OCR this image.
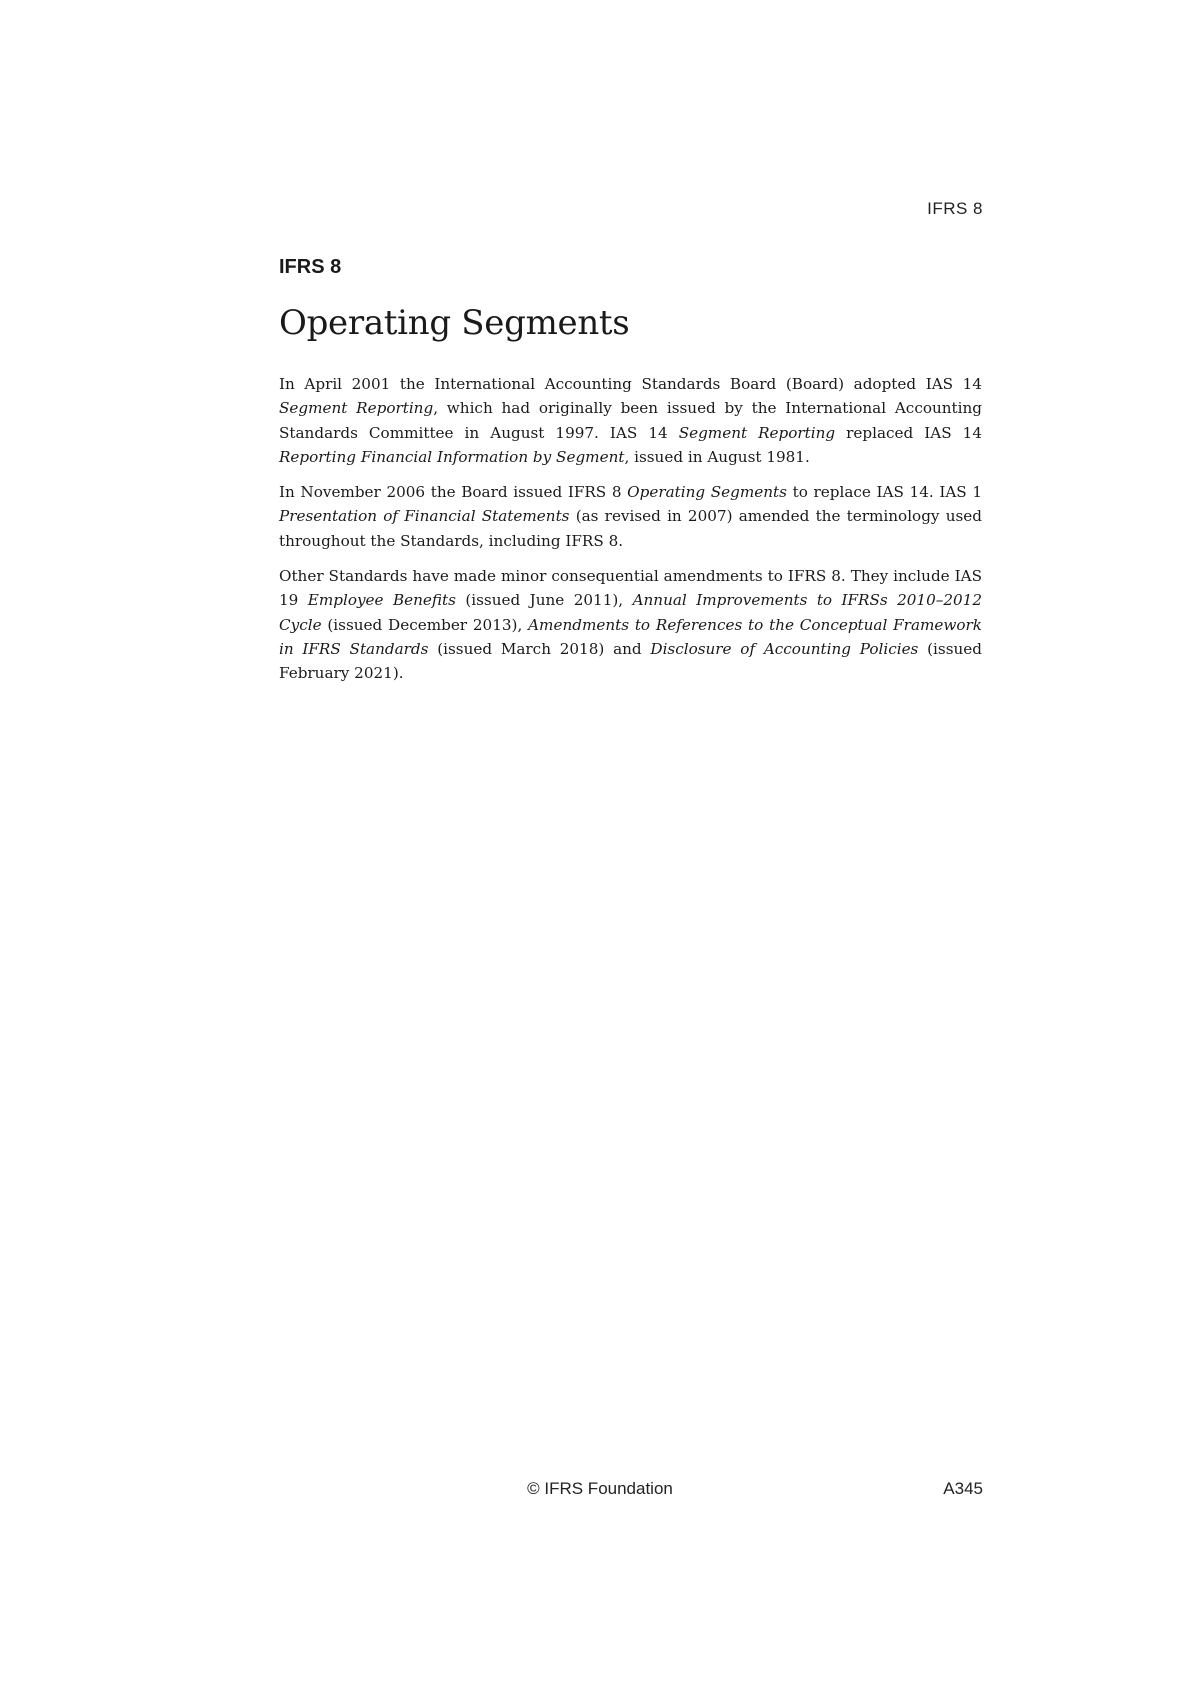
IFRS 8
IFRS 8
Operating Segments

In April 2001 the International Accounting Standards Board (Board) adopted IAS 14 Segment Reporting, which had originally been issued by the International Accounting Standards Committee in August 1997. IAS 14 Segment Reporting replaced IAS 14 Reporting Financial Information by Segment, issued in August 1981.

In November 2006 the Board issued IFRS 8 Operating Segments to replace IAS 14. IAS 1 Presentation of Financial Statements (as revised in 2007) amended the terminology used throughout the Standards, including IFRS 8.

Other Standards have made minor consequential amendments to IFRS 8. They include IAS 19 Employee Benefits (issued June 2011), Annual Improvements to IFRSs 2010–2012 Cycle (issued December 2013), Amendments to References to the Conceptual Framework in IFRS Standards (issued March 2018) and Disclosure of Accounting Policies (issued February 2021).

© IFRS Foundation	A345
